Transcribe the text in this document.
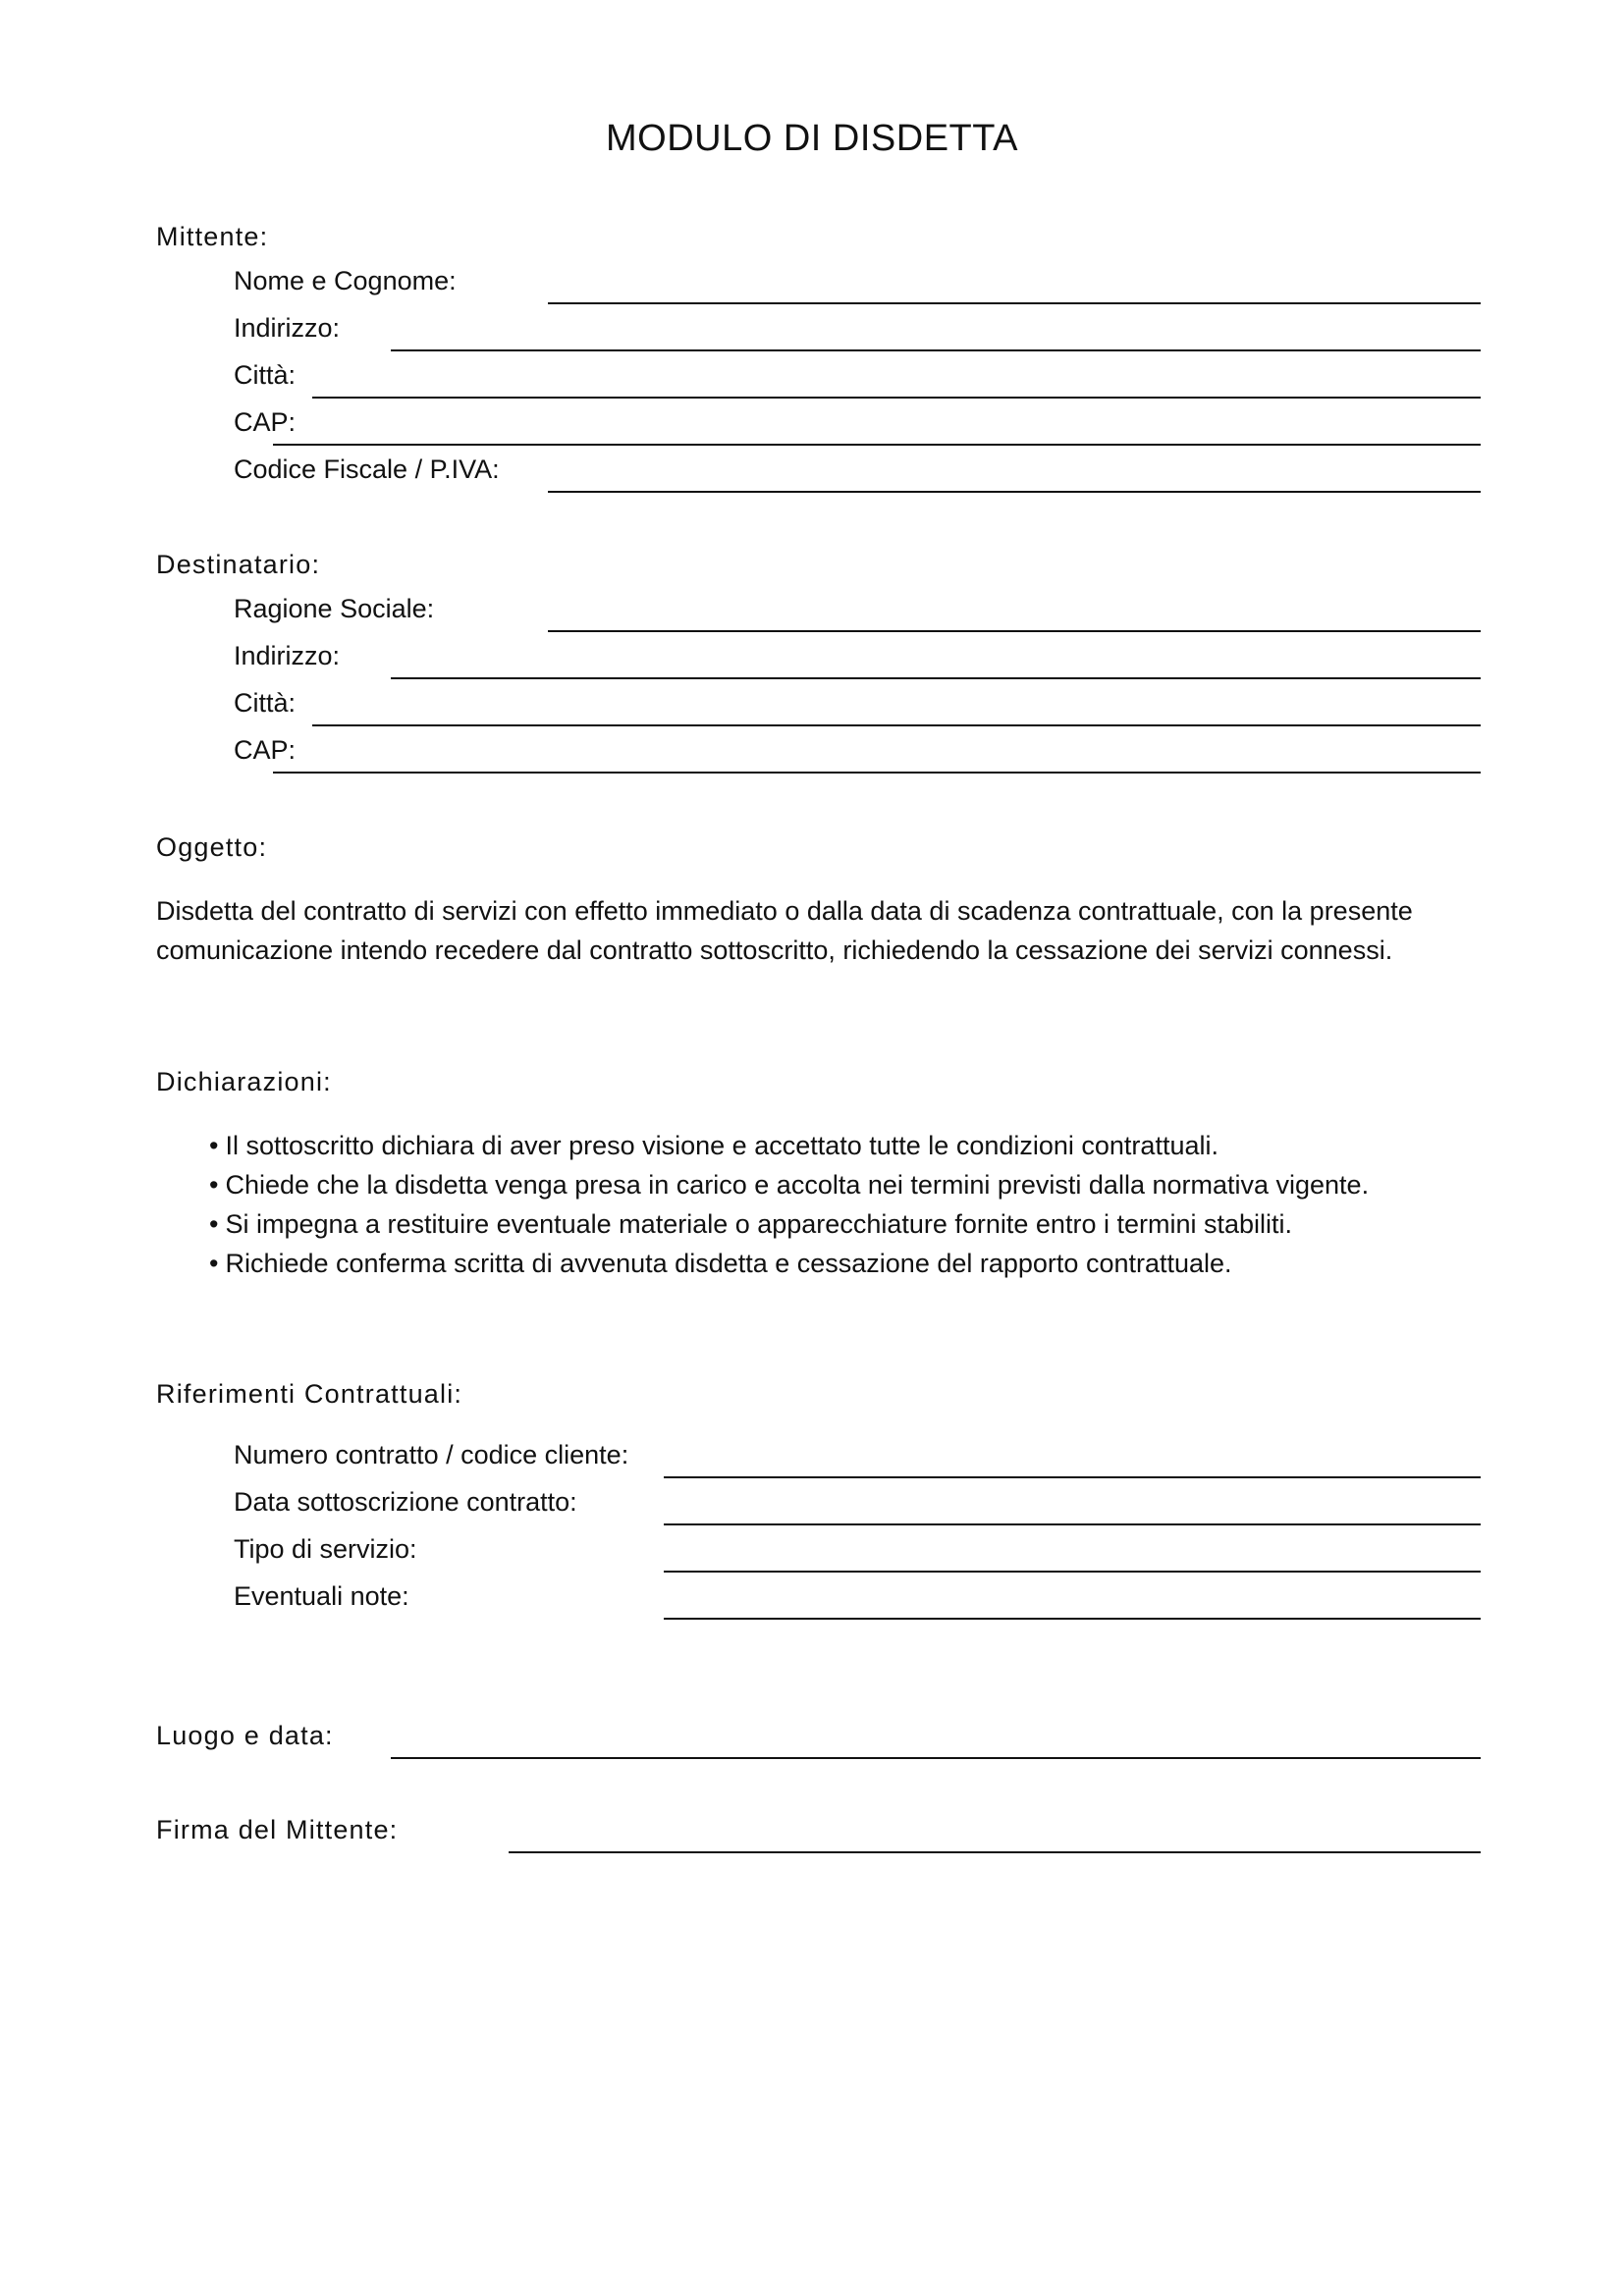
MODULO DI DISDETTA
Mittente:
Nome e Cognome:
Indirizzo:
Città:
CAP:
Codice Fiscale / P.IVA:
Destinatario:
Ragione Sociale:
Indirizzo:
Città:
CAP:
Oggetto:
Disdetta del contratto di servizi con effetto immediato o dalla data di scadenza contrattuale, con la presente comunicazione intendo recedere dal contratto sottoscritto, richiedendo la cessazione dei servizi connessi.
Dichiarazioni:
• Il sottoscritto dichiara di aver preso visione e accettato tutte le condizioni contrattuali.
• Chiede che la disdetta venga presa in carico e accolta nei termini previsti dalla normativa vigente.
• Si impegna a restituire eventuale materiale o apparecchiature fornite entro i termini stabiliti.
• Richiede conferma scritta di avvenuta disdetta e cessazione del rapporto contrattuale.
Riferimenti Contrattuali:
Numero contratto / codice cliente:
Data sottoscrizione contratto:
Tipo di servizio:
Eventuali note:
Luogo e data:
Firma del Mittente:
